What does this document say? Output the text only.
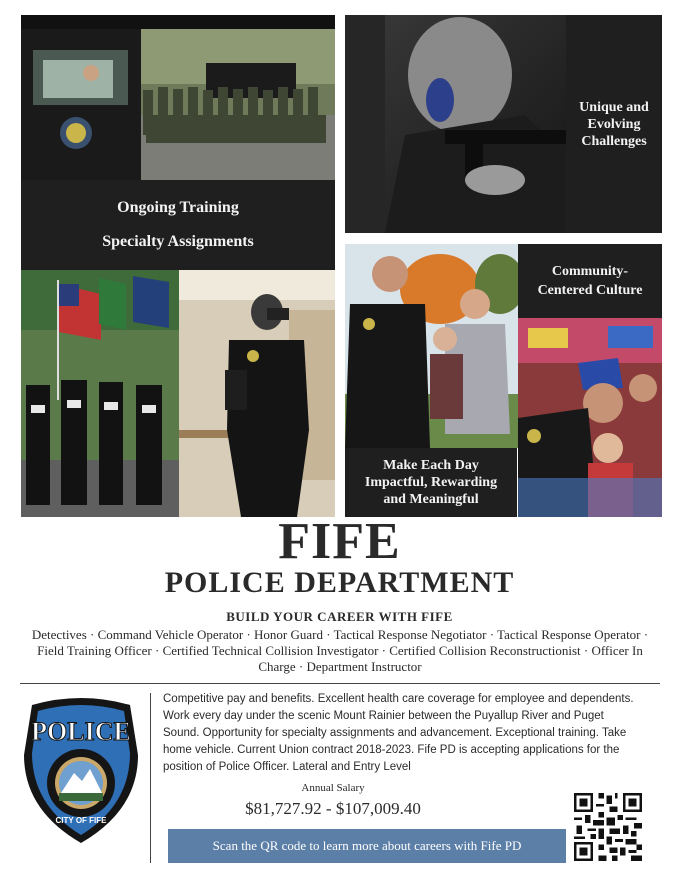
Ongoing Training
Specialty Assignments
Unique and
Evolving
Challenges
Community-
Centered Culture
Make Each Day
Impactful, Rewarding
and Meaningful
FIFE
POLICE DEPARTMENT
BUILD YOUR CAREER WITH FIFE
Detectives · Command Vehicle Operator · Honor Guard · Tactical Response Negotiator · Tactical Response Operator · Field Training Officer · Certified Technical Collision Investigator · Certified Collision Reconstructionist · Officer In Charge · Department Instructor
POLICE
CITY OF FIFE
Competitive pay and benefits. Excellent health care coverage for employee and dependents. Work every day under the scenic Mount Rainier between the Puyallup River and Puget Sound. Opportunity for specialty assignments and advancement. Exceptional training. Take home vehicle. Current Union contract 2018-2023. Fife PD is accepting applications for the position of Police Officer. Lateral and Entry Level
Annual Salary
$81,727.92 - $107,009.40
Scan the QR code to learn more about careers with Fife PD
